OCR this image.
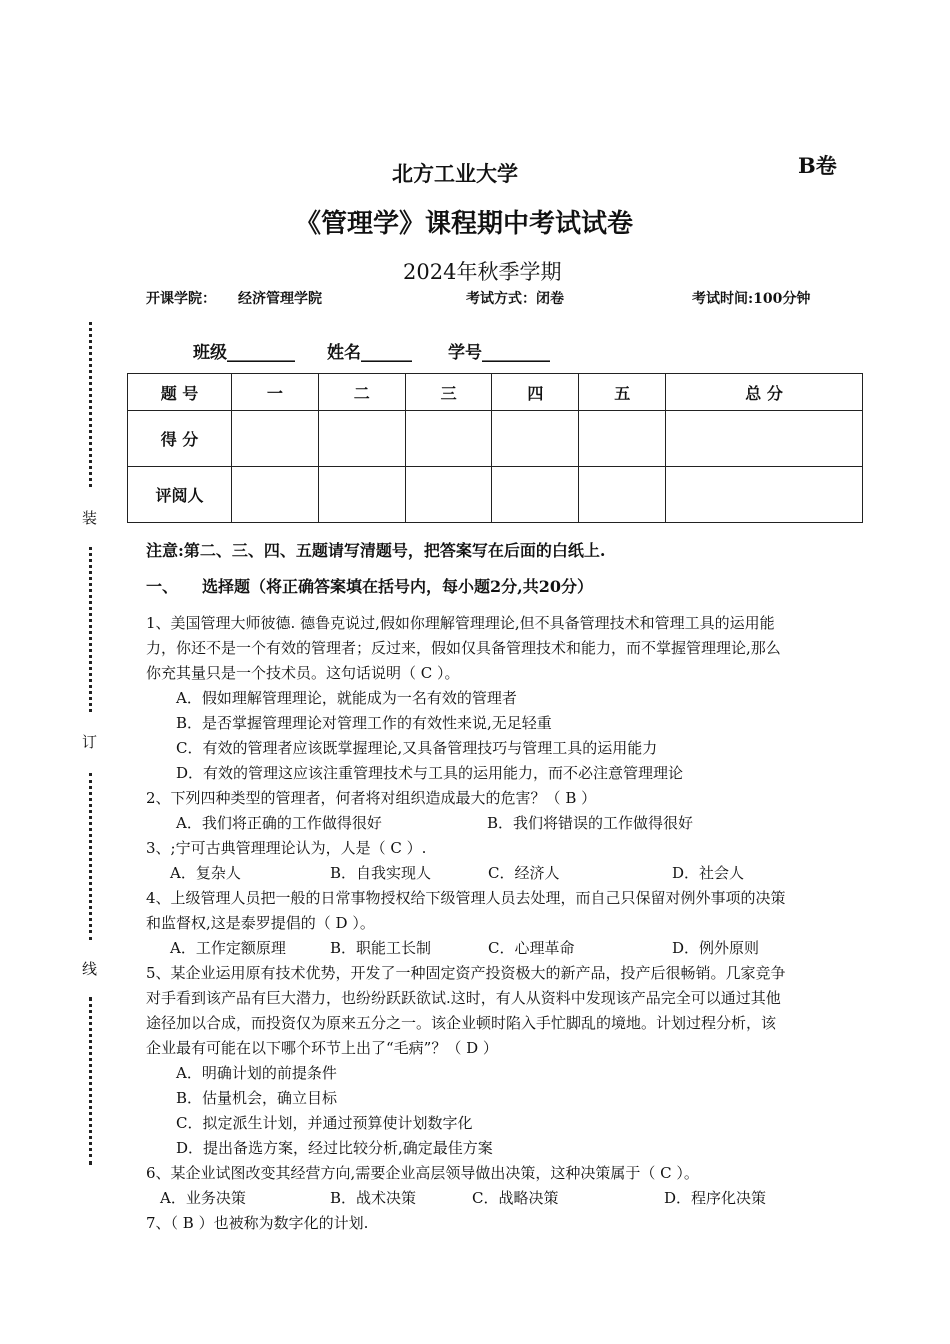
北方工业大学	B卷
《管理学》课程期中考试试卷
2024年秋季学期
开课学院： 经济管理学院	考试方式：闭卷	考试时间:100分钟
班级________ 姓名______ 学号________
装
订
线
题 号	一	二	三	四	五	总 分
得 分						
评阅人						
注意:第二、三、四、五题请写清题号，把答案写在后面的白纸上.
一、 选择题（将正确答案填在括号内，每小题2分,共20分）
1、美国管理大师彼德. 德鲁克说过,假如你理解管理理论,但不具备管理技术和管理工具的运用能
力，你还不是一个有效的管理者；反过来，假如仅具备管理技术和能力，而不掌握管理理论,那么
你充其量只是一个技术员。这句话说明（ C ）。
A．假如理解管理理论，就能成为一名有效的管理者
B．是否掌握管理理论对管理工作的有效性来说,无足轻重
C．有效的管理者应该既掌握理论,又具备管理技巧与管理工具的运用能力
D．有效的管理这应该注重管理技术与工具的运用能力，而不必注意管理理论
2、下列四种类型的管理者，何者将对组织造成最大的危害？（ B ）
A．我们将正确的工作做得很好	B．我们将错误的工作做得很好
3、;宁可古典管理理论认为，人是（ C ）.
A．复杂人	B．自我实现人	C．经济人	D．社会人
4、上级管理人员把一般的日常事物授权给下级管理人员去处理，而自己只保留对例外事项的决策
和监督权,这是泰罗提倡的（ D ）。
A．工作定额原理	B．职能工长制	C．心理革命	D．例外原则
5、某企业运用原有技术优势，开发了一种固定资产投资极大的新产品，投产后很畅销。几家竞争
对手看到该产品有巨大潜力，也纷纷跃跃欲试.这时，有人从资料中发现该产品完全可以通过其他
途径加以合成，而投资仅为原来五分之一。该企业顿时陷入手忙脚乱的境地。计划过程分析，该
企业最有可能在以下哪个环节上出了“毛病”？（ D ）
A．明确计划的前提条件
B．估量机会，确立目标
C．拟定派生计划，并通过预算使计划数字化
D．提出备选方案，经过比较分析,确定最佳方案
6、某企业试图改变其经营方向,需要企业高层领导做出决策，这种决策属于（ C ）。
A．业务决策	B．战术决策	C．战略决策	D．程序化决策
7、（ B ）也被称为数字化的计划.
